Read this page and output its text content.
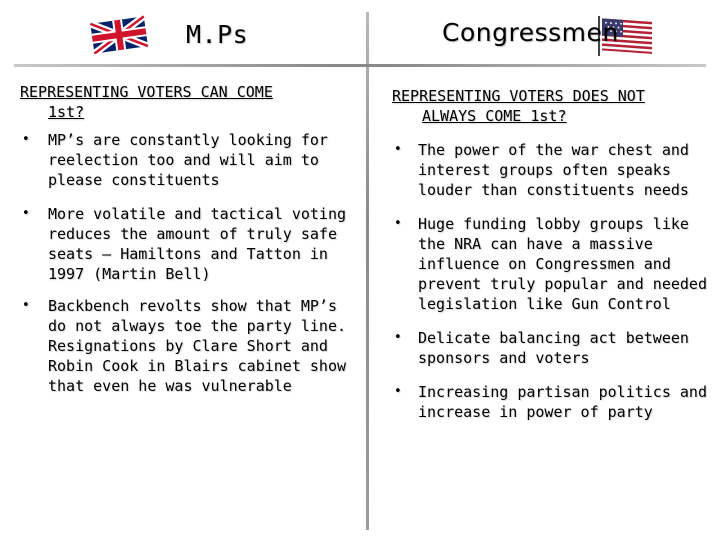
M.Ps	Congressmen
REPRESENTING VOTERS CAN COME
1st?
• MP’s are constantly looking for reelection too and will aim to please constituents
• More volatile and tactical voting reduces the amount of truly safe seats – Hamiltons and Tatton in 1997 (Martin Bell)
• Backbench revolts show that MP’s do not always toe the party line. Resignations by Clare Short and Robin Cook in Blairs cabinet show that even he was vulnerable
REPRESENTING VOTERS DOES NOT
ALWAYS COME 1st?
• The power of the war chest and interest groups often speaks louder than constituents needs
• Huge funding lobby groups like the NRA can have a massive influence on Congressmen and prevent truly popular and needed legislation like Gun Control
• Delicate balancing act between sponsors and voters
• Increasing partisan politics and increase in power of party
